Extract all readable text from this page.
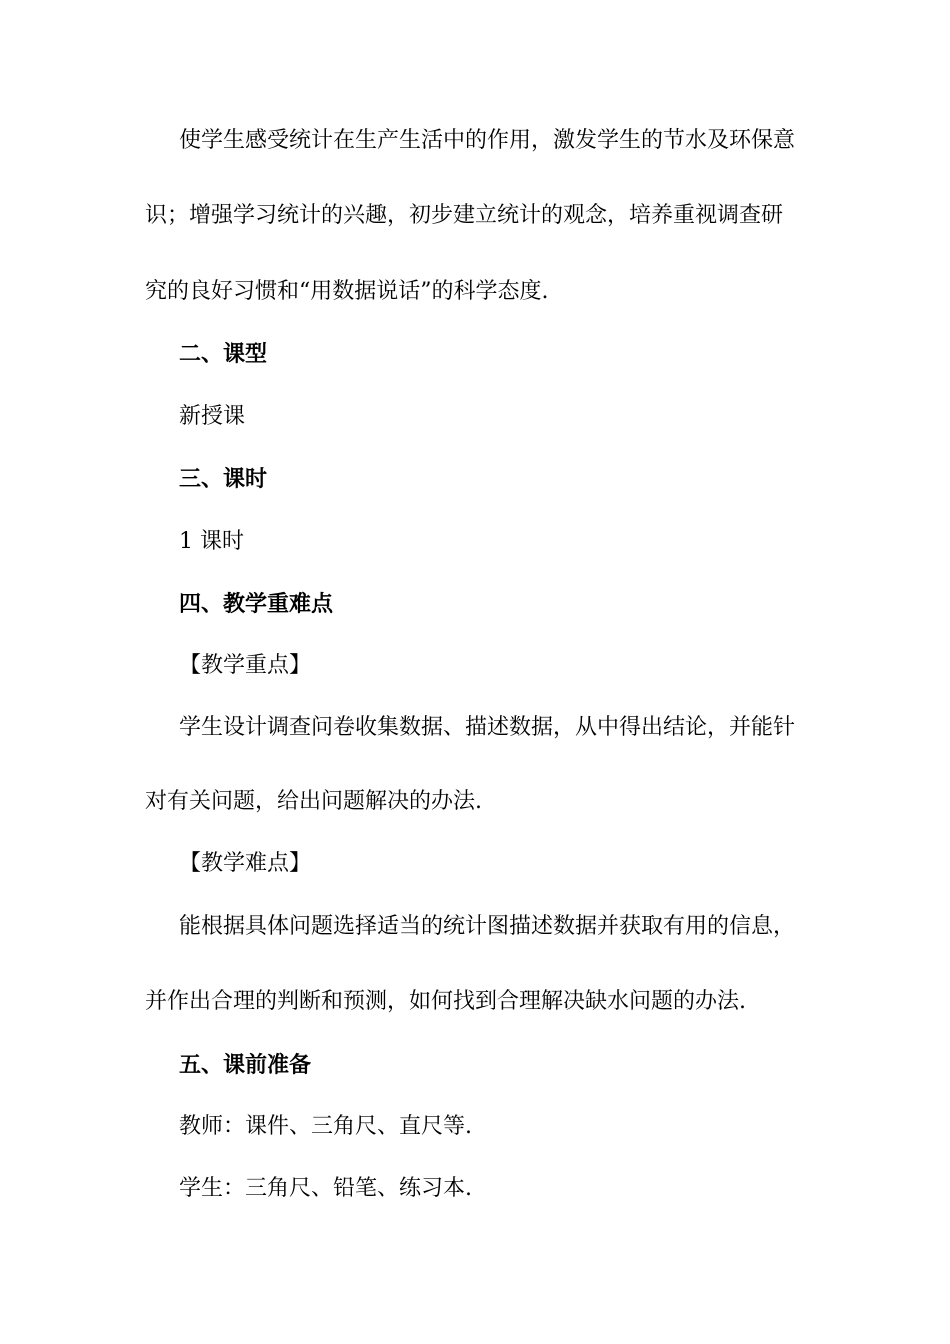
使学生感受统计在生产生活中的作用，激发学生的节水及环保意
识；增强学习统计的兴趣，初步建立统计的观念，培养重视调查研
究的良好习惯和“用数据说话”的科学态度.
二、课型
新授课
三、课时
1 课时
四、教学重难点
【教学重点】
学生设计调查问卷收集数据、描述数据，从中得出结论，并能针
对有关问题，给出问题解决的办法.
【教学难点】
能根据具体问题选择适当的统计图描述数据并获取有用的信息，
并作出合理的判断和预测，如何找到合理解决缺水问题的办法.
五、课前准备
教师：课件、三角尺、直尺等.
学生：三角尺、铅笔、练习本.
